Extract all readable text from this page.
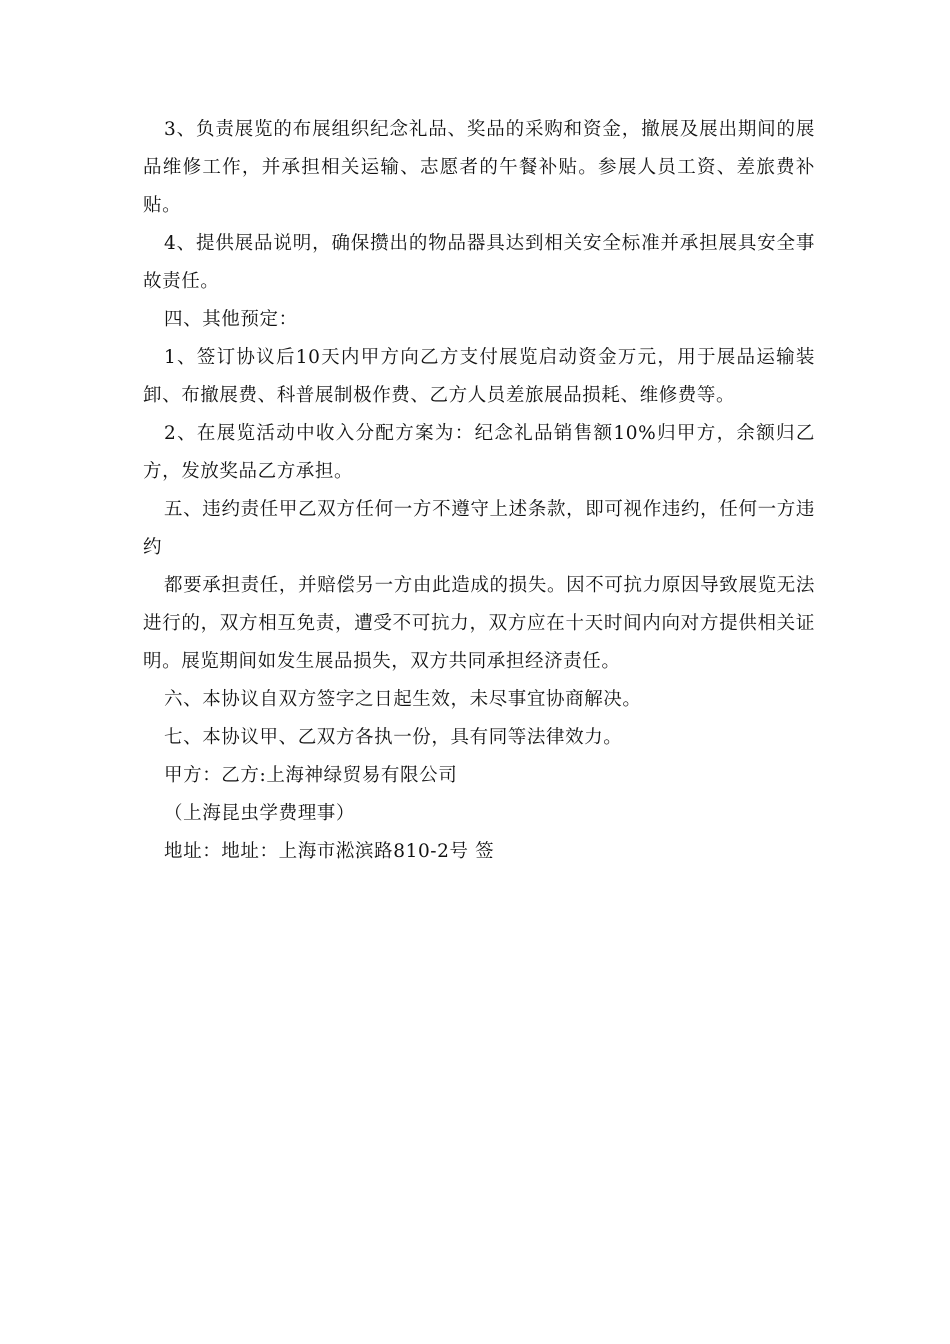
3、负责展览的布展组织纪念礼品、奖品的采购和资金，撤展及展出期间的展品维修工作，并承担相关运输、志愿者的午餐补贴。参展人员工资、差旅费补贴。

4、提供展品说明，确保攒出的物品器具达到相关安全标准并承担展具安全事故责任。

四、其他预定：

1、签订协议后10天内甲方向乙方支付展览启动资金万元，用于展品运输装卸、布撤展费、科普展制极作费、乙方人员差旅展品损耗、维修费等。

2、在展览活动中收入分配方案为：纪念礼品销售额10%归甲方，余额归乙方，发放奖品乙方承担。

五、违约责任甲乙双方任何一方不遵守上述条款，即可视作违约，任何一方违约

都要承担责任，并赔偿另一方由此造成的损失。因不可抗力原因导致展览无法进行的，双方相互免责，遭受不可抗力，双方应在十天时间内向对方提供相关证明。展览期间如发生展品损失，双方共同承担经济责任。

六、本协议自双方签字之日起生效，未尽事宜协商解决。

七、本协议甲、乙双方各执一份，具有同等法律效力。

甲方：乙方:上海神绿贸易有限公司

（上海昆虫学费理事）

地址：地址：上海市淞滨路810-2号 签
